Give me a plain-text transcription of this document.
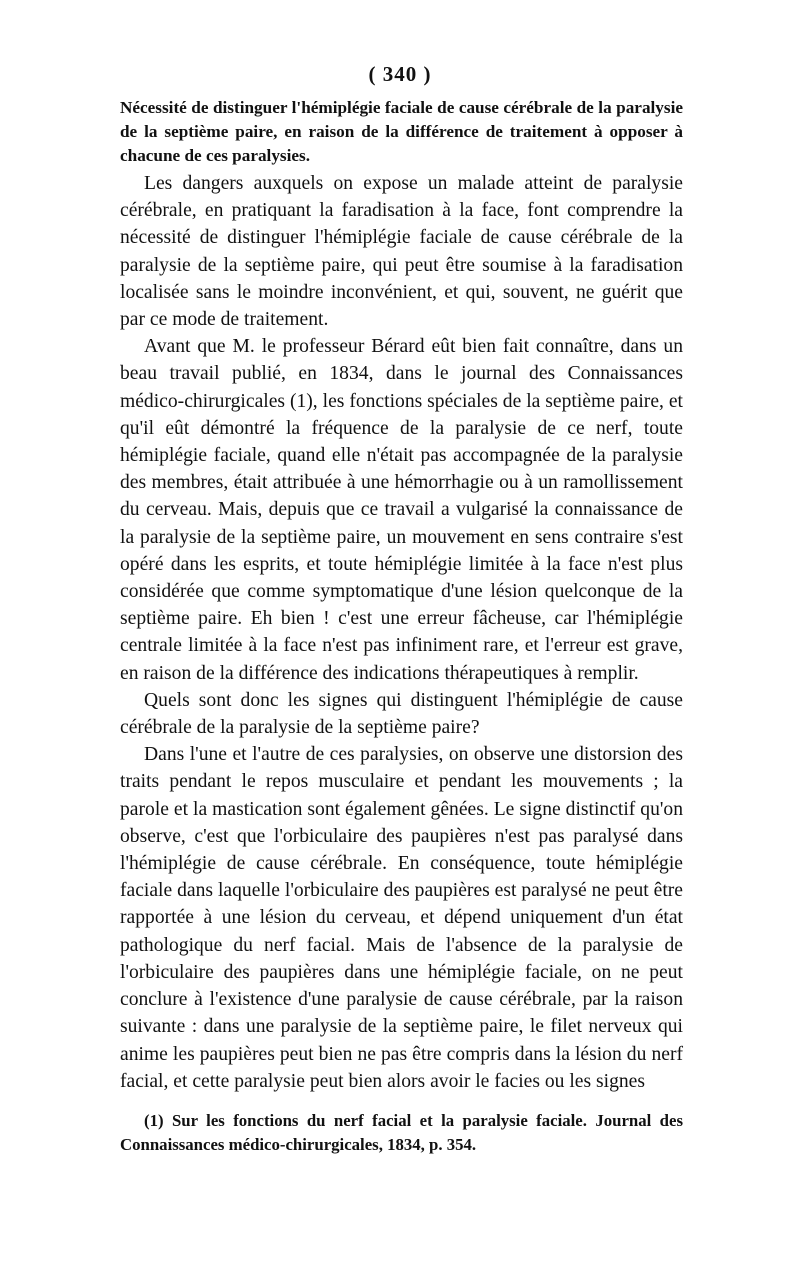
( 340 )
Nécessité de distinguer l'hémiplégie faciale de cause cérébrale de la paralysie de la septième paire, en raison de la différence de traitement à opposer à chacune de ces paralysies.

Les dangers auxquels on expose un malade atteint de paralysie cérébrale, en pratiquant la faradisation à la face, font comprendre la nécessité de distinguer l'hémiplégie faciale de cause cérébrale de la paralysie de la septième paire, qui peut être soumise à la faradisation localisée sans le moindre inconvénient, et qui, souvent, ne guérit que par ce mode de traitement.

Avant que M. le professeur Bérard eût bien fait connaître, dans un beau travail publié, en 1834, dans le journal des Connaissances médico-chirurgicales (1), les fonctions spéciales de la septième paire, et qu'il eût démontré la fréquence de la paralysie de ce nerf, toute hémiplégie faciale, quand elle n'était pas accompagnée de la paralysie des membres, était attribuée à une hémorrhagie ou à un ramollissement du cerveau. Mais, depuis que ce travail a vulgarisé la connaissance de la paralysie de la septième paire, un mouvement en sens contraire s'est opéré dans les esprits, et toute hémiplégie limitée à la face n'est plus considérée que comme symptomatique d'une lésion quelconque de la septième paire. Eh bien ! c'est une erreur fâcheuse, car l'hémiplégie centrale limitée à la face n'est pas infiniment rare, et l'erreur est grave, en raison de la différence des indications thérapeutiques à remplir.

Quels sont donc les signes qui distinguent l'hémiplégie de cause cérébrale de la paralysie de la septième paire?

Dans l'une et l'autre de ces paralysies, on observe une distorsion des traits pendant le repos musculaire et pendant les mouvements ; la parole et la mastication sont également gênées. Le signe distinctif qu'on observe, c'est que l'orbiculaire des paupières n'est pas paralysé dans l'hémiplégie de cause cérébrale. En conséquence, toute hémiplégie faciale dans laquelle l'orbiculaire des paupières est paralysé ne peut être rapportée à une lésion du cerveau, et dépend uniquement d'un état pathologique du nerf facial. Mais de l'absence de la paralysie de l'orbiculaire des paupières dans une hémiplégie faciale, on ne peut conclure à l'existence d'une paralysie de cause cérébrale, par la raison suivante : dans une paralysie de la septième paire, le filet nerveux qui anime les paupières peut bien ne pas être compris dans la lésion du nerf facial, et cette paralysie peut bien alors avoir le facies ou les signes

(1) Sur les fonctions du nerf facial et la paralysie faciale. Journal des Connaissances médico-chirurgicales, 1834, p. 354.
